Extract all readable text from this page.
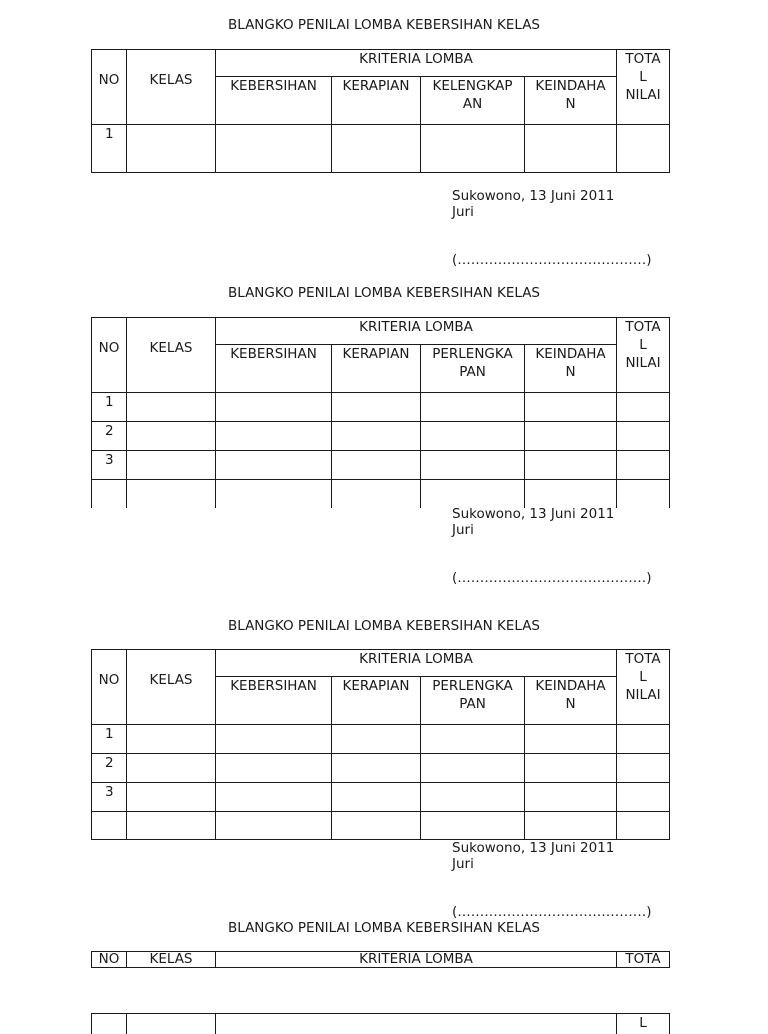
BLANGKO PENILAI LOMBA KEBERSIHAN KELAS
NO	KELAS	KRITERIA LOMBA				TOTA L NILAI

		KEBERSIHAN	KERAPIAN	KELENGKAP AN	KEINDAHA N	

1						
Sukowono, 13 Juni 2011
Juri
(……………………………………)
BLANGKO PENILAI LOMBA KEBERSIHAN KELAS
NO	KELAS	KRITERIA LOMBA				TOTA L NILAI

		KEBERSIHAN	KERAPIAN	PERLENGKA PAN	KEINDAHA N	

1						
2						
3						

Sukowono, 13 Juni 2011
Juri
(……………………………………)
BLANGKO PENILAI LOMBA KEBERSIHAN KELAS
NO	KELAS	KRITERIA LOMBA				TOTA L NILAI

		KEBERSIHAN	KERAPIAN	PERLENGKA PAN	KEINDAHA N	

1						
2						
3						

Sukowono, 13 Juni 2011
Juri
(……………………………………)
BLANGKO PENILAI LOMBA KEBERSIHAN KELAS
NO	KELAS	KRITERIA LOMBA	TOTA
			L
